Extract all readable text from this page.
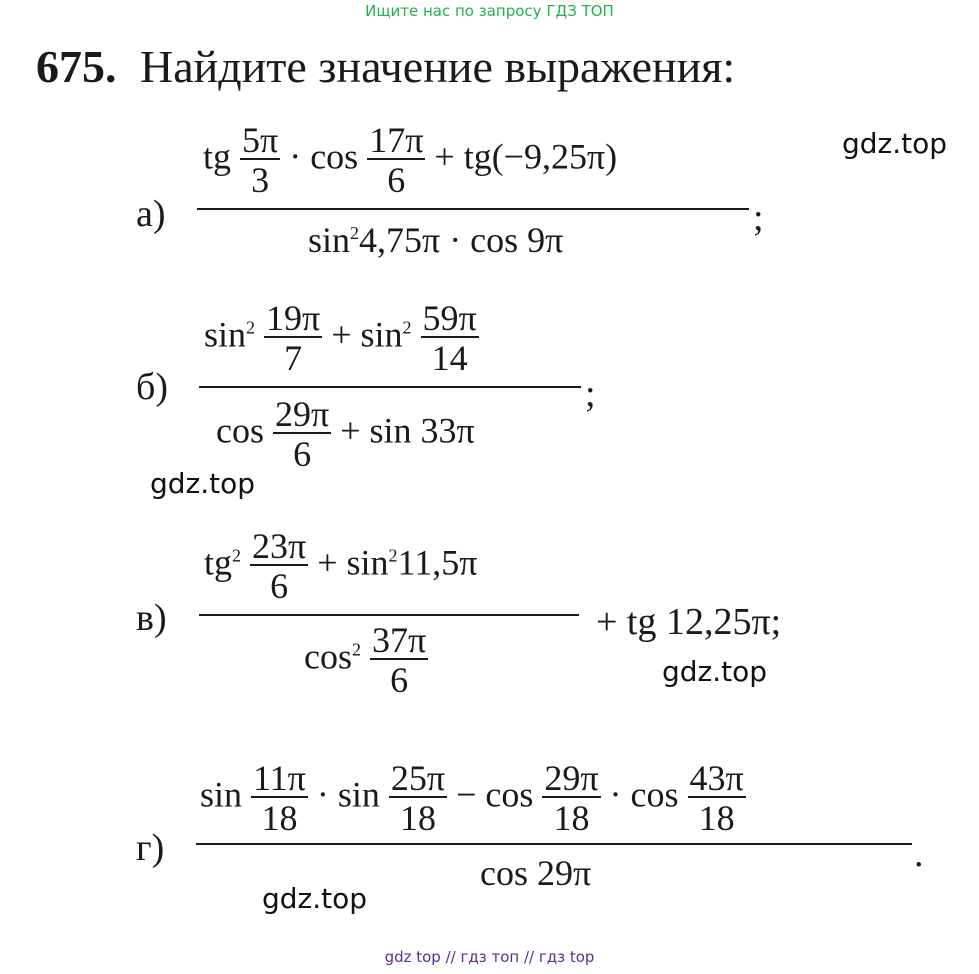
Ищите нас по запросу ГДЗ ТОП
gdz top // гдз топ // гдз top
675. Найдите значение выражения:
gdz.top
gdz.top
gdz.top
gdz.top
а)
tg $\frac{5\pi}{3} \cdot \cos \frac{17\pi}{6} + tg(-9,25\pi)$
$\sin^24,75\pi \cdot \cos 9\pi$
;
б)
$\sin^2 \frac{19\pi}{7} + \sin^2 \frac{59\pi}{14}$
$\cos \frac{29\pi}{6} + \sin 33\pi$
;
в)
$tg^2 \frac{23\pi}{6} + \sin^211,5\pi$
$\cos^2 \frac{37\pi}{6}$	+ tg 12,25π;
г)
$\sin \frac{11\pi}{18} \cdot \sin \frac{25\pi}{18} - \cos \frac{29\pi}{18} \cdot \cos \frac{43\pi}{18}$
cos 29π	.
